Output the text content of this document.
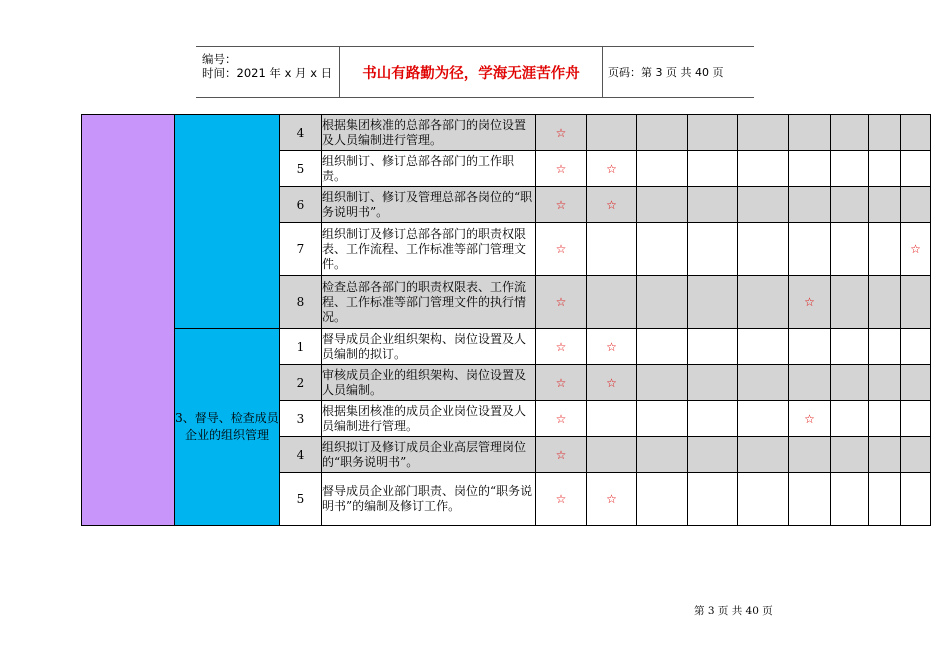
编号：
时间：2021 年 x 月 x 日	书山有路勤为径，学海无涯苦作舟	页码：第 3 页 共 40 页
		4	根据集团核准的总部各部门的岗位设置及人员编制进行管理。	☆								
		5	组织制订、修订总部各部门的工作职责。	☆	☆							
		6	组织制订、修订及管理总部各岗位的“职务说明书”。	☆	☆							
		7	组织制订及修订总部各部门的职责权限表、工作流程、工作标准等部门管理文件。	☆								☆
		8	检查总部各部门的职责权限表、工作流程、工作标准等部门管理文件的执行情况。	☆					☆			
	3、督导、检查成员企业的组织管理	1	督导成员企业组织架构、岗位设置及人员编制的拟订。	☆	☆							
		2	审核成员企业的组织架构、岗位设置及人员编制。	☆	☆							
		3	根据集团核准的成员企业岗位设置及人员编制进行管理。	☆					☆			
		4	组织拟订及修订成员企业高层管理岗位的“职务说明书”。	☆								
		5	督导成员企业部门职责、岗位的“职务说明书”的编制及修订工作。	☆	☆							
第 3 页 共 40 页
